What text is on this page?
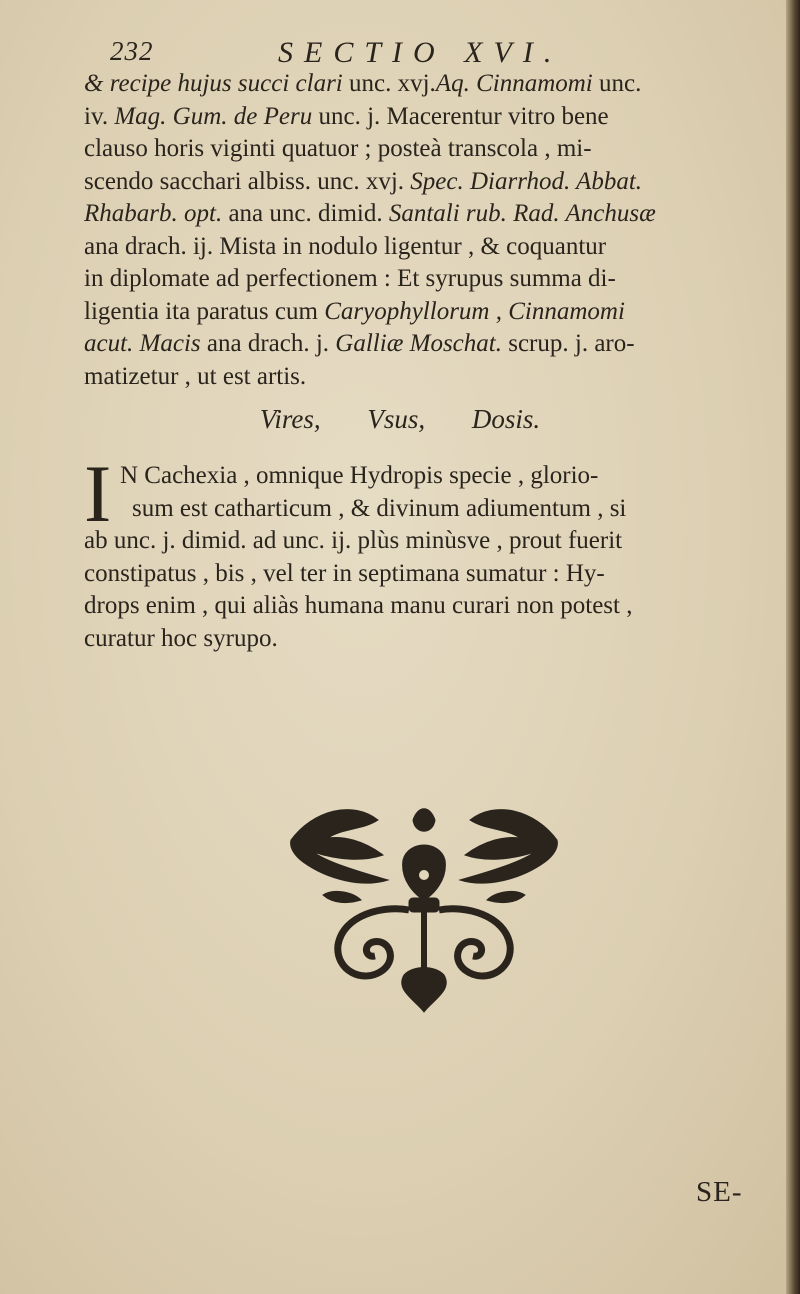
232	SECTIO XVI.
& recipe hujus succi clari unc. xvj.Aq. Cinnamomi unc.
iv. Mag. Gum. de Peru unc. j. Macerentur vitro bene
clauso horis viginti quatuor ; posteà transcola , mi-
scendo sacchari albiss. unc. xvj. Spec. Diarrhod. Abbat.
Rhabarb. opt. ana unc. dimid. Santali rub. Rad. Anchusæ
ana drach. ij. Mista in nodulo ligentur , & coquantur
in diplomate ad perfectionem : Et syrupus summa di-
ligentia ita paratus cum Caryophyllorum , Cinnamomi
acut. Macis ana drach. j. Galliæ Moschat. scrup. j. aro-
matizetur , ut est artis.
Vires, Vsus, Dosis.
I N Cachexia , omnique Hydropis specie , glorio-
sum est catharticum , & divinum adiumentum , si
ab unc. j. dimid. ad unc. ij. plùs minùsve , prout fuerit
constipatus , bis , vel ter in septimana sumatur : Hy-
drops enim , qui aliàs humana manu curari non potest ,
curatur hoc syrupo.
SE-
